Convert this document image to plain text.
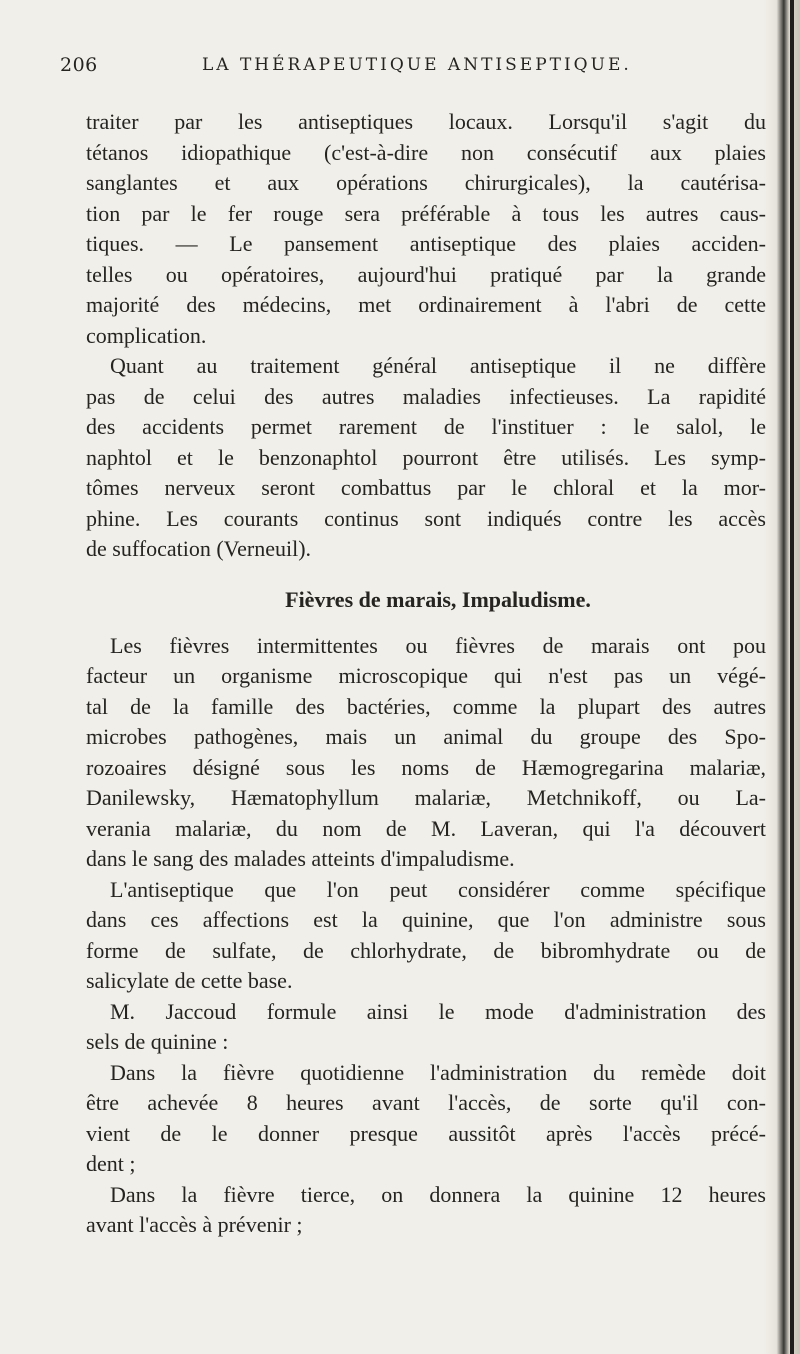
206	LA THÉRAPEUTIQUE ANTISEPTIQUE.
traiter par les antiseptiques locaux. Lorsqu'il s'agit du
tétanos idiopathique (c'est-à-dire non consécutif aux plaies
sanglantes et aux opérations chirurgicales), la cautérisa-
tion par le fer rouge sera préférable à tous les autres caus-
tiques. — Le pansement antiseptique des plaies acciden-
telles ou opératoires, aujourd'hui pratiqué par la grande
majorité des médecins, met ordinairement à l'abri de cette
complication.
Quant au traitement général antiseptique il ne diffère
pas de celui des autres maladies infectieuses. La rapidité
des accidents permet rarement de l'instituer : le salol, le
naphtol et le benzonaphtol pourront être utilisés. Les symp-
tômes nerveux seront combattus par le chloral et la mor-
phine. Les courants continus sont indiqués contre les accès
de suffocation (Verneuil).
Fièvres de marais, Impaludisme.
Les fièvres intermittentes ou fièvres de marais ont pou
facteur un organisme microscopique qui n'est pas un végé-
tal de la famille des bactéries, comme la plupart des autres
microbes pathogènes, mais un animal du groupe des Spo-
rozoaires désigné sous les noms de Hæmogregarina malariæ,
Danilewsky, Hæmatophyllum malariæ, Metchnikoff, ou La-
verania malariæ, du nom de M. Laveran, qui l'a découvert
dans le sang des malades atteints d'impaludisme.
L'antiseptique que l'on peut considérer comme spécifique
dans ces affections est la quinine, que l'on administre sous
forme de sulfate, de chlorhydrate, de bibromhydrate ou de
salicylate de cette base.
M. Jaccoud formule ainsi le mode d'administration des
sels de quinine :
Dans la fièvre quotidienne l'administration du remède doit
être achevée 8 heures avant l'accès, de sorte qu'il con-
vient de le donner presque aussitôt après l'accès précé-
dent ;
Dans la fièvre tierce, on donnera la quinine 12 heures
avant l'accès à prévenir ;
